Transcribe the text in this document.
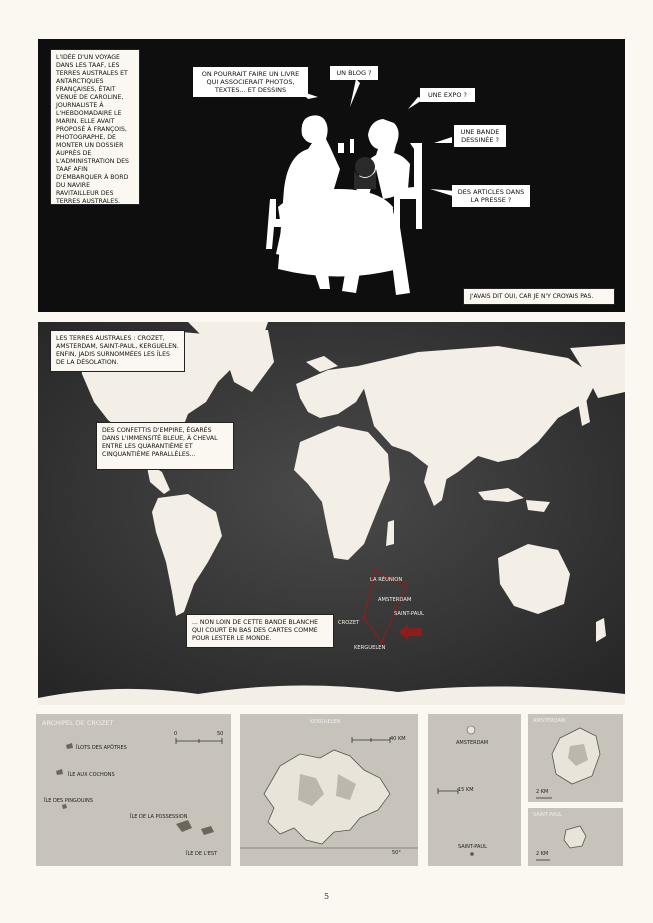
L'IDÉE D'UN VOYAGE DANS LES TAAF, LES TERRES AUSTRALES ET ANTARCTIQUES FRANÇAISES, ÉTAIT VENUE DE CAROLINE, JOURNALISTE À L'HEBDOMADAIRE LE MARIN. ELLE AVAIT PROPOSÉ À FRANÇOIS, PHOTOGRAPHE, DE MONTER UN DOSSIER AUPRÈS DE L'ADMINISTRATION DES TAAF AFIN D'EMBARQUER À BORD DU NAVIRE RAVITAILLEUR DES TERRES AUSTRALES.
ON POURRAIT FAIRE UN LIVRE QUI ASSOCIERAIT PHOTOS, TEXTES... ET DESSINS
UN BLOG ?
UNE EXPO ?
UNE BANDE DESSINÉE ?
DES ARTICLES DANS LA PRESSE ?
J'AVAIS DIT OUI, CAR JE N'Y CROYAIS PAS.
LES TERRES AUSTRALES : CROZET, AMSTERDAM, SAINT-PAUL, KERGUELEN. ENFIN, JADIS SURNOMMÉES LES ÎLES DE LA DÉSOLATION.
DES CONFETTIS D'EMPIRE, ÉGARÉS DANS L'IMMENSITÉ BLEUE, À CHEVAL ENTRE LES QUARANTIÈME ET CINQUANTIÈME PARALLÈLES...
... NON LOIN DE CETTE BANDE BLANCHE QUI COURT EN BAS DES CARTES COMME POUR LESTER LE MONDE.
LA RÉUNION
AMSTERDAM
SAINT-PAUL
CROZET
KERGUELEN
ARCHIPEL DE CROZET
ÎLOTS DES APÔTRES
ÎLE AUX COCHONS
ÎLE DES PINGOUINS
ÎLE DE LA POSSESSION
ÎLE DE L'EST
0	50
KERGUELEN
40 KM
50°
AMSTERDAM
15 KM
SAINT-PAUL
AMSTERDAM
2 KM
SAINT-PAUL
2 KM
5
